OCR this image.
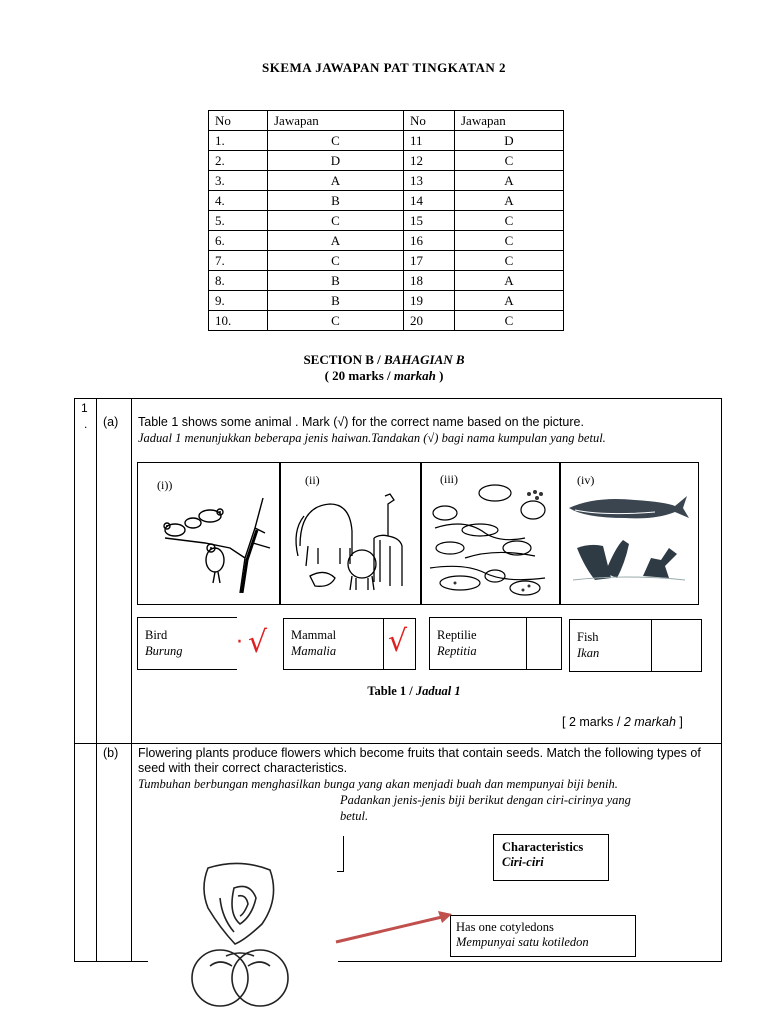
SKEMA JAWAPAN PAT TINGKATAN 2
No	Jawapan	No	Jawapan
1.	C	11	D
2.	D	12	C
3.	A	13	A
4.	B	14	A
5.	C	15	C
6.	A	16	C
7.	C	17	C
8.	B	18	A
9.	B	19	A
10.	C	20	C
SECTION B / BAHAGIAN B
( 20 marks / markah )
1
. (a) Table 1 shows some animal . Mark (√) for the correct name based on the picture.
Jadual 1 menunjukkan beberapa jenis haiwan.Tandakan (√) bagi nama kumpulan yang betul.
(i))	(ii)	(iii)	(iv)
Bird
Burung · √ Mammal
Mamalia √ Reptilie
Reptitia
Fish
Ikan
Table 1 / Jadual 1
[ 2 marks / 2 markah ]
(b) Flowering plants produce flowers which become fruits that contain seeds. Match the following types of seed with their correct characteristics.
Tumbuhan berbungan menghasilkan bunga yang akan menjadi buah dan mempunyai biji benih.
Padankan jenis-jenis biji berikut dengan ciri-cirinya yang
betul.
Characteristics
Ciri-ciri
Has one cotyledons
Mempunyai satu kotiledon
